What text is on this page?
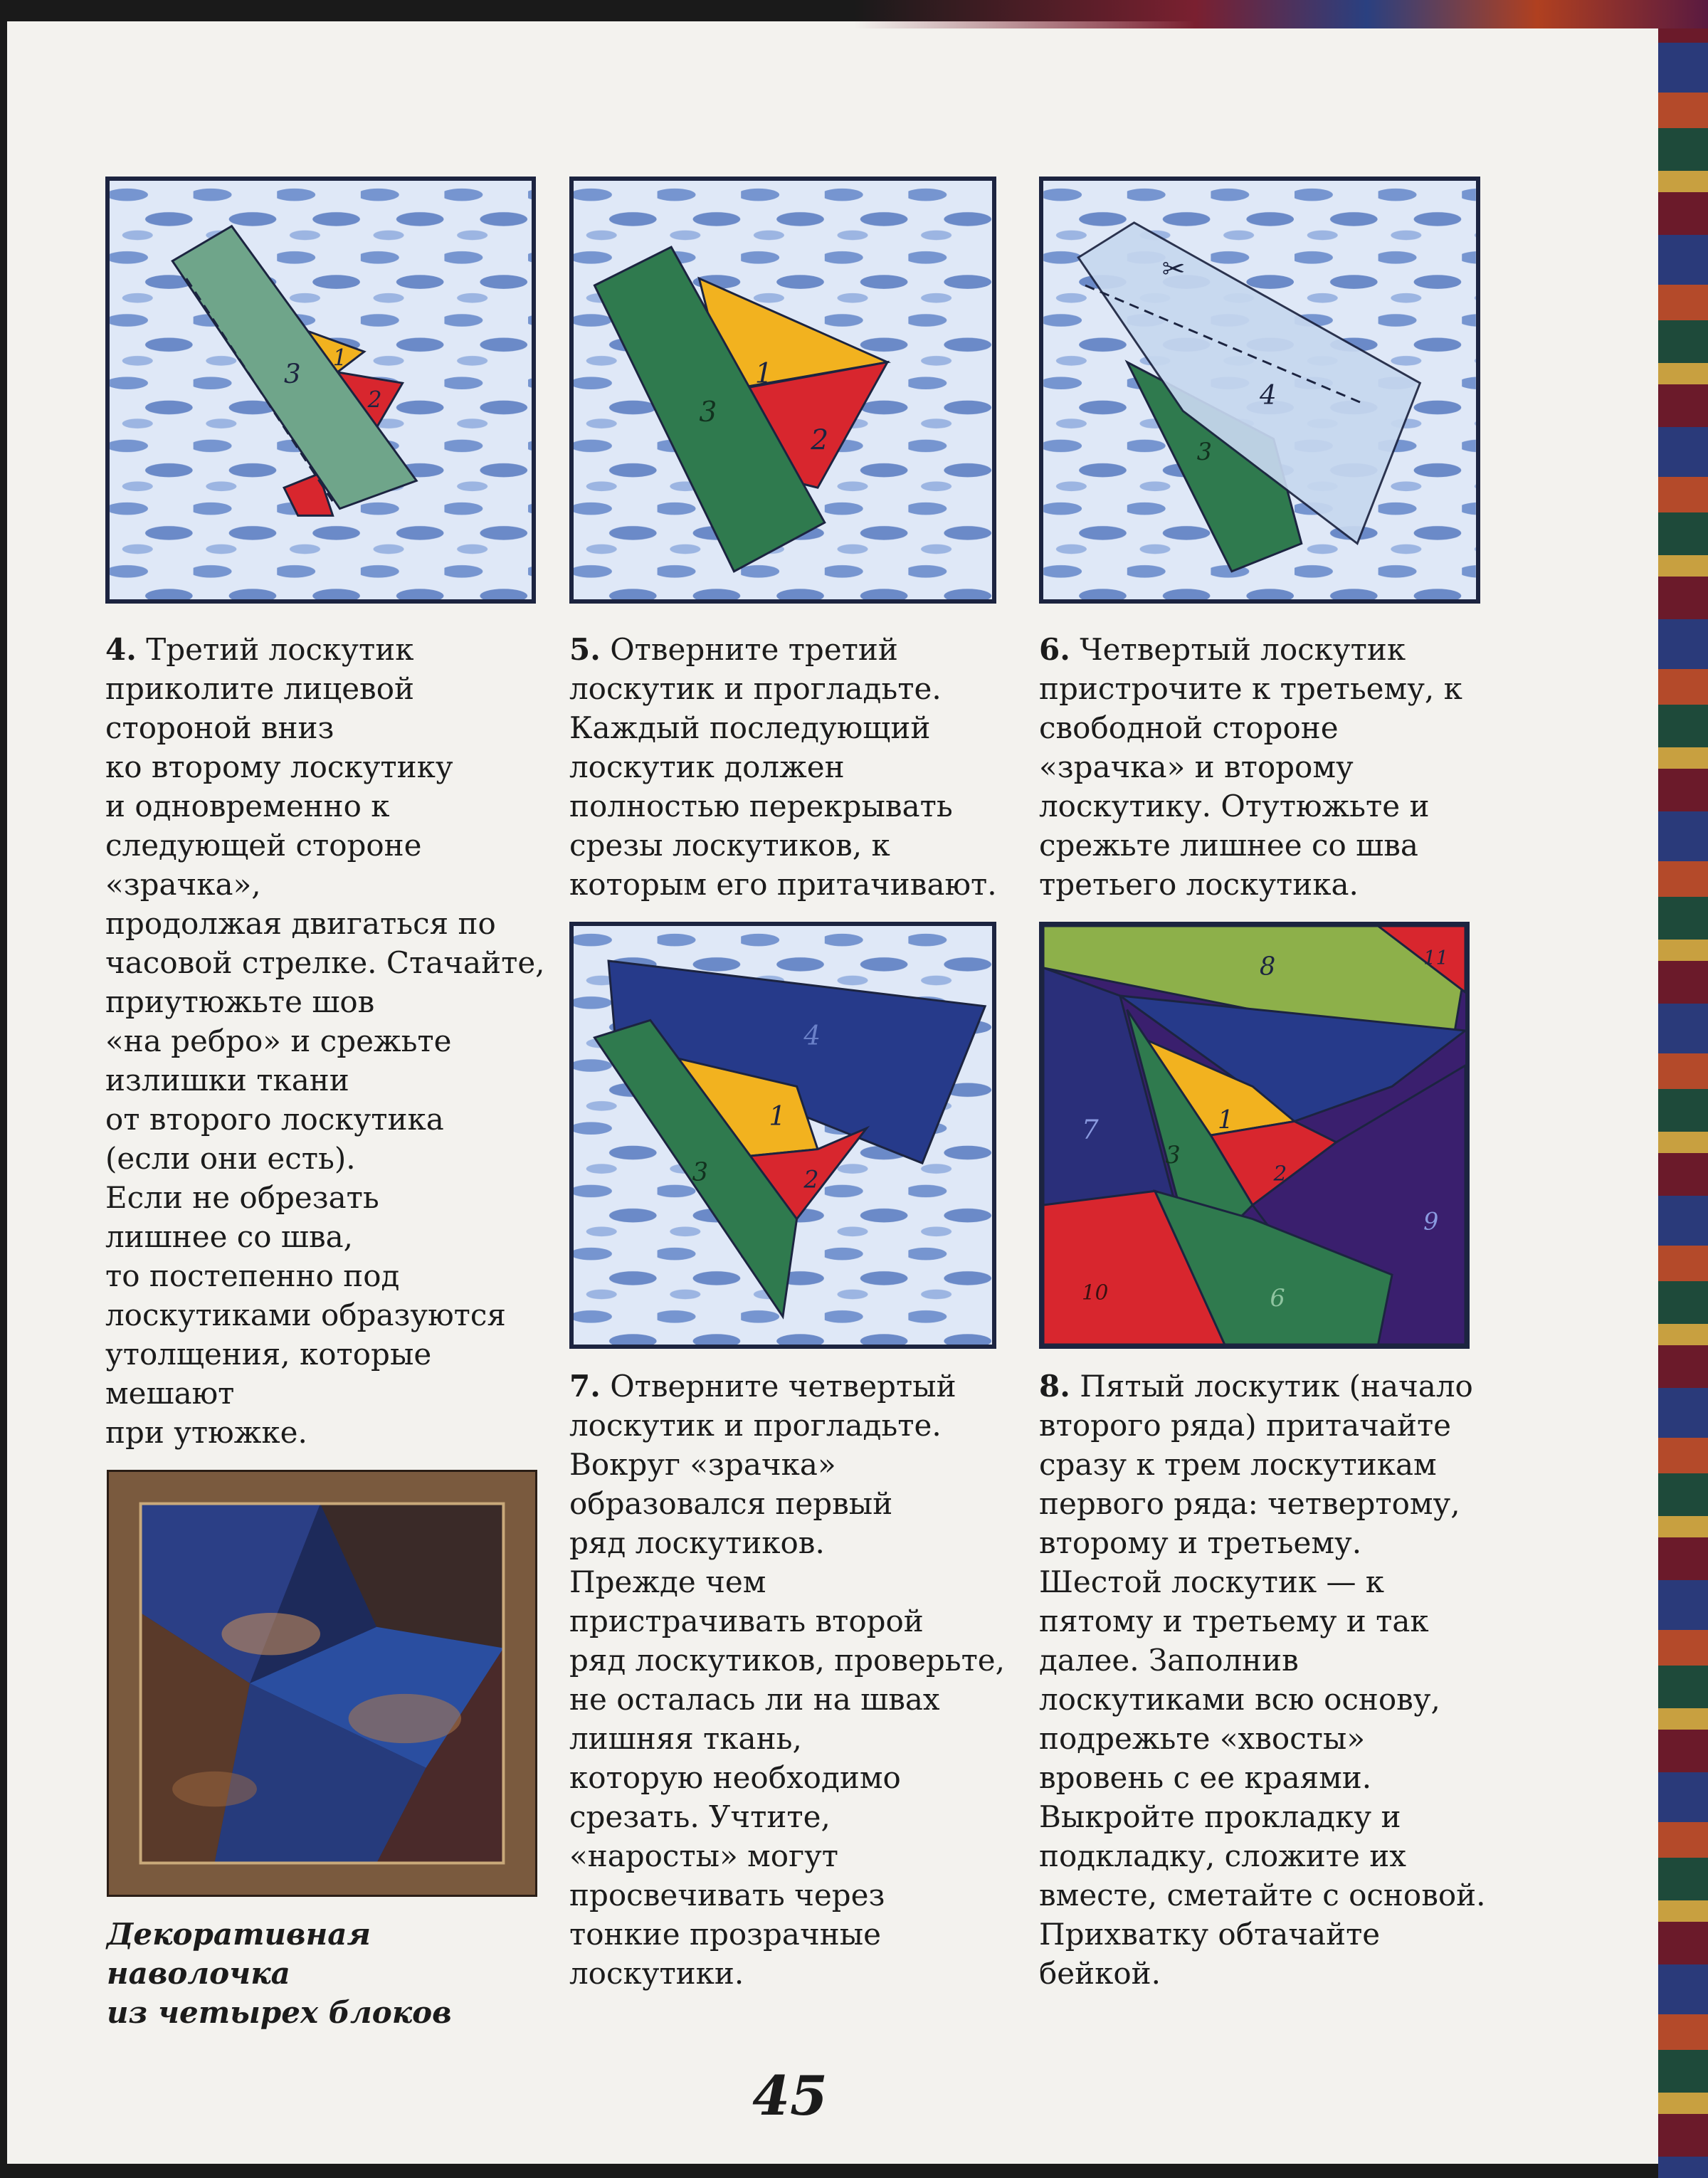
3 1
2
1
2
3
4
3
✂
4. Третий лоскутик
приколите лицевой
стороной вниз
ко второму лоскутику
и одновременно к
следующей стороне «зрачка»,
продолжая двигаться по
часовой стрелке. Стачайте,
приутюжьте шов
«на ребро» и срежьте
излишки ткани
от второго лоскутика
(если они есть).
Если не обрезать
лишнее со шва,
то постепенно под
лоскутиками образуются
утолщения, которые мешают
при утюжке.
5. Отверните третий
лоскутик и прогладьте.
Каждый последующий
лоскутик должен
полностью перекрывать
срезы лоскутиков, к
которым его притачивают.
6. Четвертый лоскутик
пристрочите к третьему, к
свободной стороне
«зрачка» и второму
лоскутику. Отутюжьте и
срежьте лишнее со шва
третьего лоскутика.
1
2
3
4
8	11
1
2
3
7
9
10	6
7. Отверните четвертый
лоскутик и прогладьте.
Вокруг «зрачка»
образовался первый
ряд лоскутиков.
Прежде чем
пристрачивать второй
ряд лоскутиков, проверьте,
не осталась ли на швах
лишняя ткань,
которую необходимо
срезать. Учтите,
«наросты» могут
просвечивать через
тонкие прозрачные
лоскутики.
8. Пятый лоскутик (начало
второго ряда) притачайте
сразу к трем лоскутикам
первого ряда: четвертому,
второму и третьему.
Шестой лоскутик — к
пятому и третьему и так
далее. Заполнив
лоскутиками всю основу,
подрежьте «хвосты»
вровень с ее краями.
Выкройте прокладку и
подкладку, сложите их
вместе, сметайте с основой.
Прихватку обтачайте бейкой.
Декоративная наволочка
из четырех блоков
45
